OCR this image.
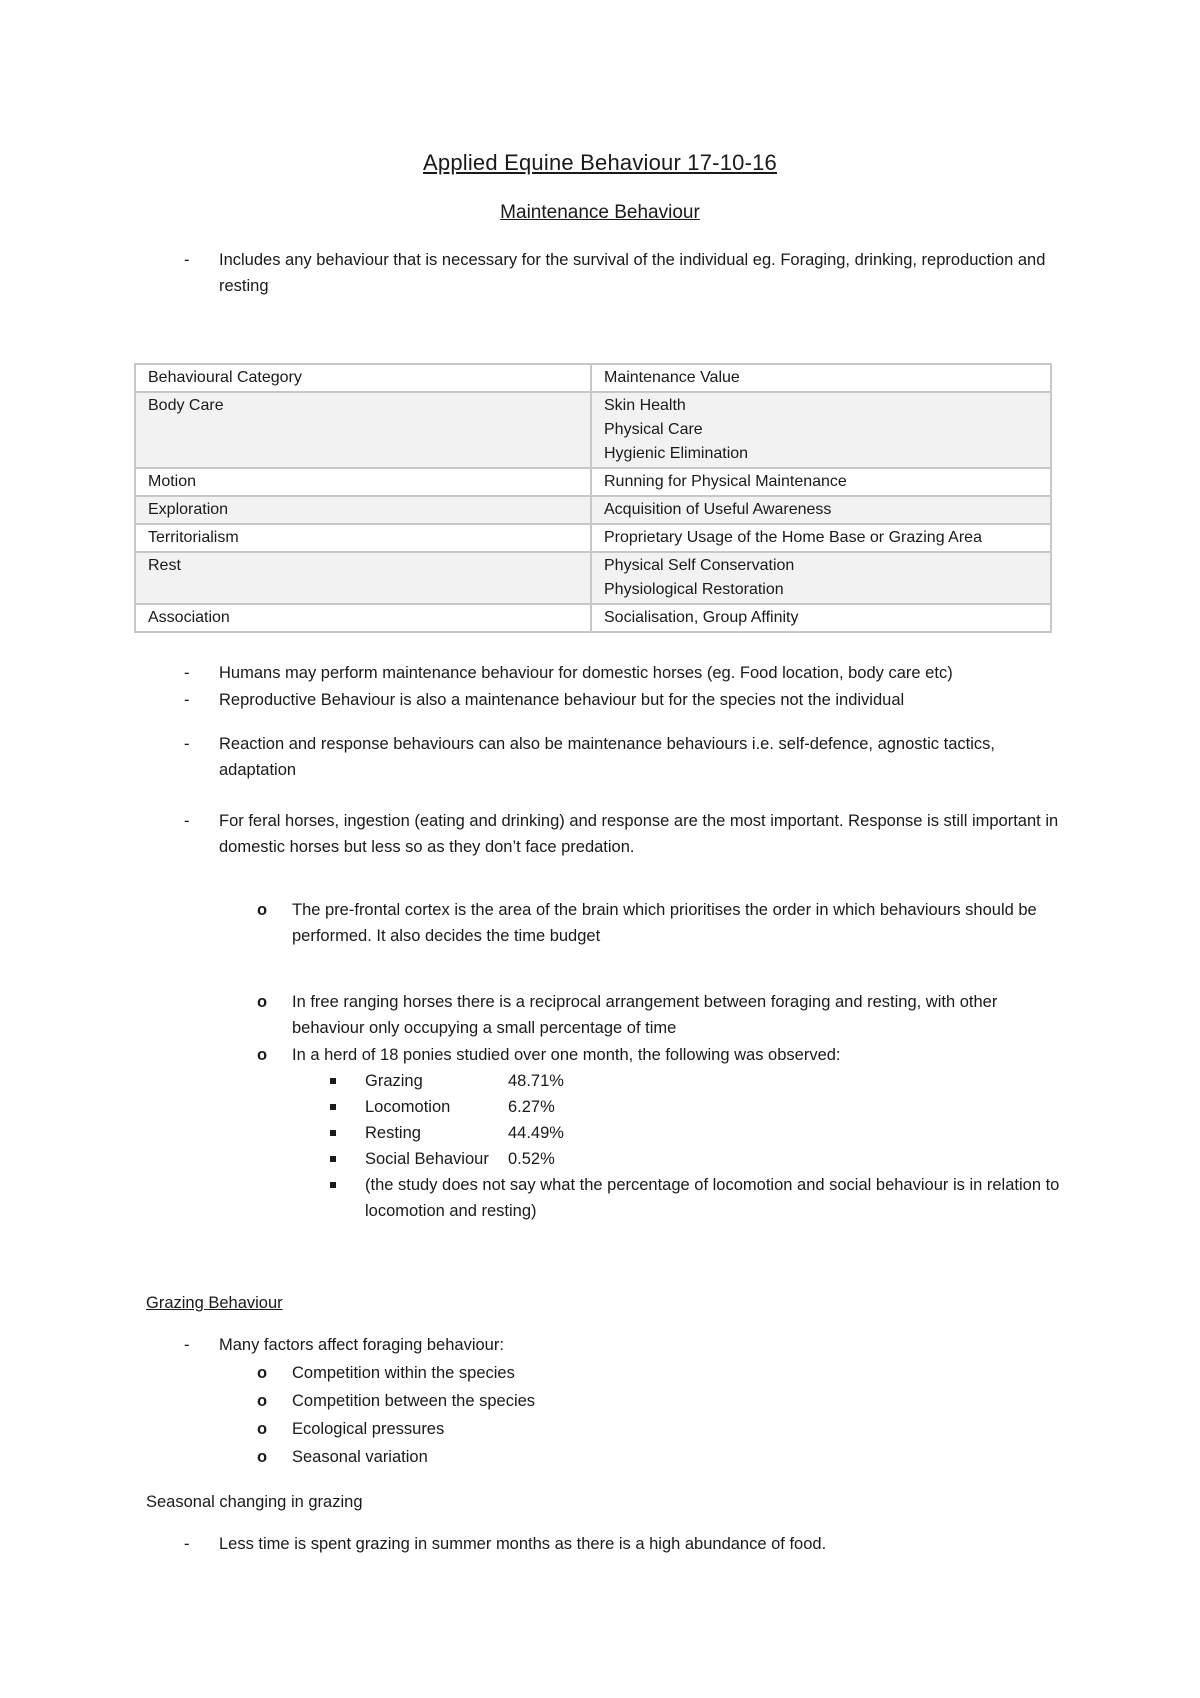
Applied Equine Behaviour 17-10-16
Maintenance Behaviour
- Includes any behaviour that is necessary for the survival of the individual eg. Foraging, drinking, reproduction and resting
Behavioural Category	Maintenance Value
Body Care	Skin Health
Physical Care
Hygienic Elimination

Motion	Running for Physical Maintenance
Exploration	Acquisition of Useful Awareness
Territorialism	Proprietary Usage of the Home Base or Grazing Area
Rest	Physical Self Conservation
Physiological Restoration

Association	Socialisation, Group Affinity
- Humans may perform maintenance behaviour for domestic horses (eg. Food location, body care etc)
- Reproductive Behaviour is also a maintenance behaviour but for the species not the individual
- Reaction and response behaviours can also be maintenance behaviours i.e. self-defence, agnostic tactics, adaptation
- For feral horses, ingestion (eating and drinking) and response are the most important. Response is still important in domestic horses but less so as they don’t face predation.
o The pre-frontal cortex is the area of the brain which prioritises the order in which behaviours should be performed. It also decides the time budget
o In free ranging horses there is a reciprocal arrangement between foraging and resting, with other behaviour only occupying a small percentage of time
o In a herd of 18 ponies studied over one month, the following was observed:
Grazing	48.71%
Locomotion	6.27%
Resting	44.49%
Social Behaviour 0.52%
(the study does not say what the percentage of locomotion and social behaviour is in relation to locomotion and resting)
Grazing Behaviour
- Many factors affect foraging behaviour:
o Competition within the species
o Competition between the species
o Ecological pressures
o Seasonal variation
Seasonal changing in grazing
- Less time is spent grazing in summer months as there is a high abundance of food.
